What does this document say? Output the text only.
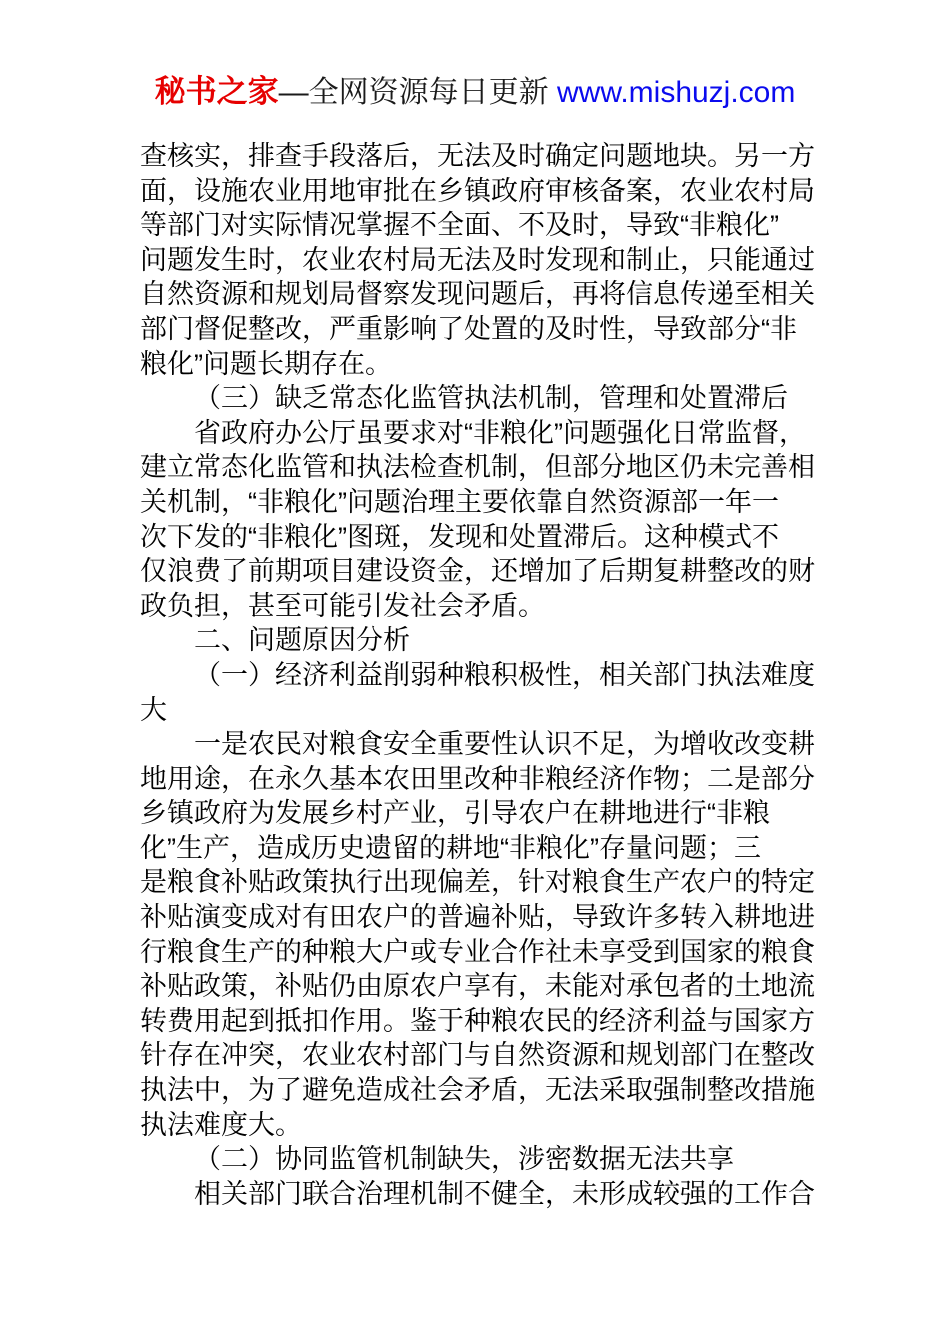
秘书之家—全网资源每日更新 www.mishuzj.com
查核实，排查手段落后，无法及时确定问题地块。另一方
面，设施农业用地审批在乡镇政府审核备案，农业农村局
等部门对实际情况掌握不全面、不及时，导致“非粮化”
问题发生时，农业农村局无法及时发现和制止，只能通过
自然资源和规划局督察发现问题后，再将信息传递至相关
部门督促整改，严重影响了处置的及时性，导致部分“非
粮化”问题长期存在。
（三）缺乏常态化监管执法机制，管理和处置滞后
省政府办公厅虽要求对“非粮化”问题强化日常监督，
建立常态化监管和执法检查机制，但部分地区仍未完善相
关机制，“非粮化”问题治理主要依靠自然资源部一年一
次下发的“非粮化”图斑，发现和处置滞后。这种模式不
仅浪费了前期项目建设资金，还增加了后期复耕整改的财
政负担，甚至可能引发社会矛盾。
二、问题原因分析
（一）经济利益削弱种粮积极性，相关部门执法难度
大
一是农民对粮食安全重要性认识不足，为增收改变耕
地用途，在永久基本农田里改种非粮经济作物；二是部分
乡镇政府为发展乡村产业，引导农户在耕地进行“非粮
化”生产，造成历史遗留的耕地“非粮化”存量问题；三
是粮食补贴政策执行出现偏差，针对粮食生产农户的特定
补贴演变成对有田农户的普遍补贴，导致许多转入耕地进
行粮食生产的种粮大户或专业合作社未享受到国家的粮食
补贴政策，补贴仍由原农户享有，未能对承包者的土地流
转费用起到抵扣作用。鉴于种粮农民的经济利益与国家方
针存在冲突，农业农村部门与自然资源和规划部门在整改
执法中，为了避免造成社会矛盾，无法采取强制整改措施
执法难度大。
（二）协同监管机制缺失，涉密数据无法共享
相关部门联合治理机制不健全，未形成较强的工作合
